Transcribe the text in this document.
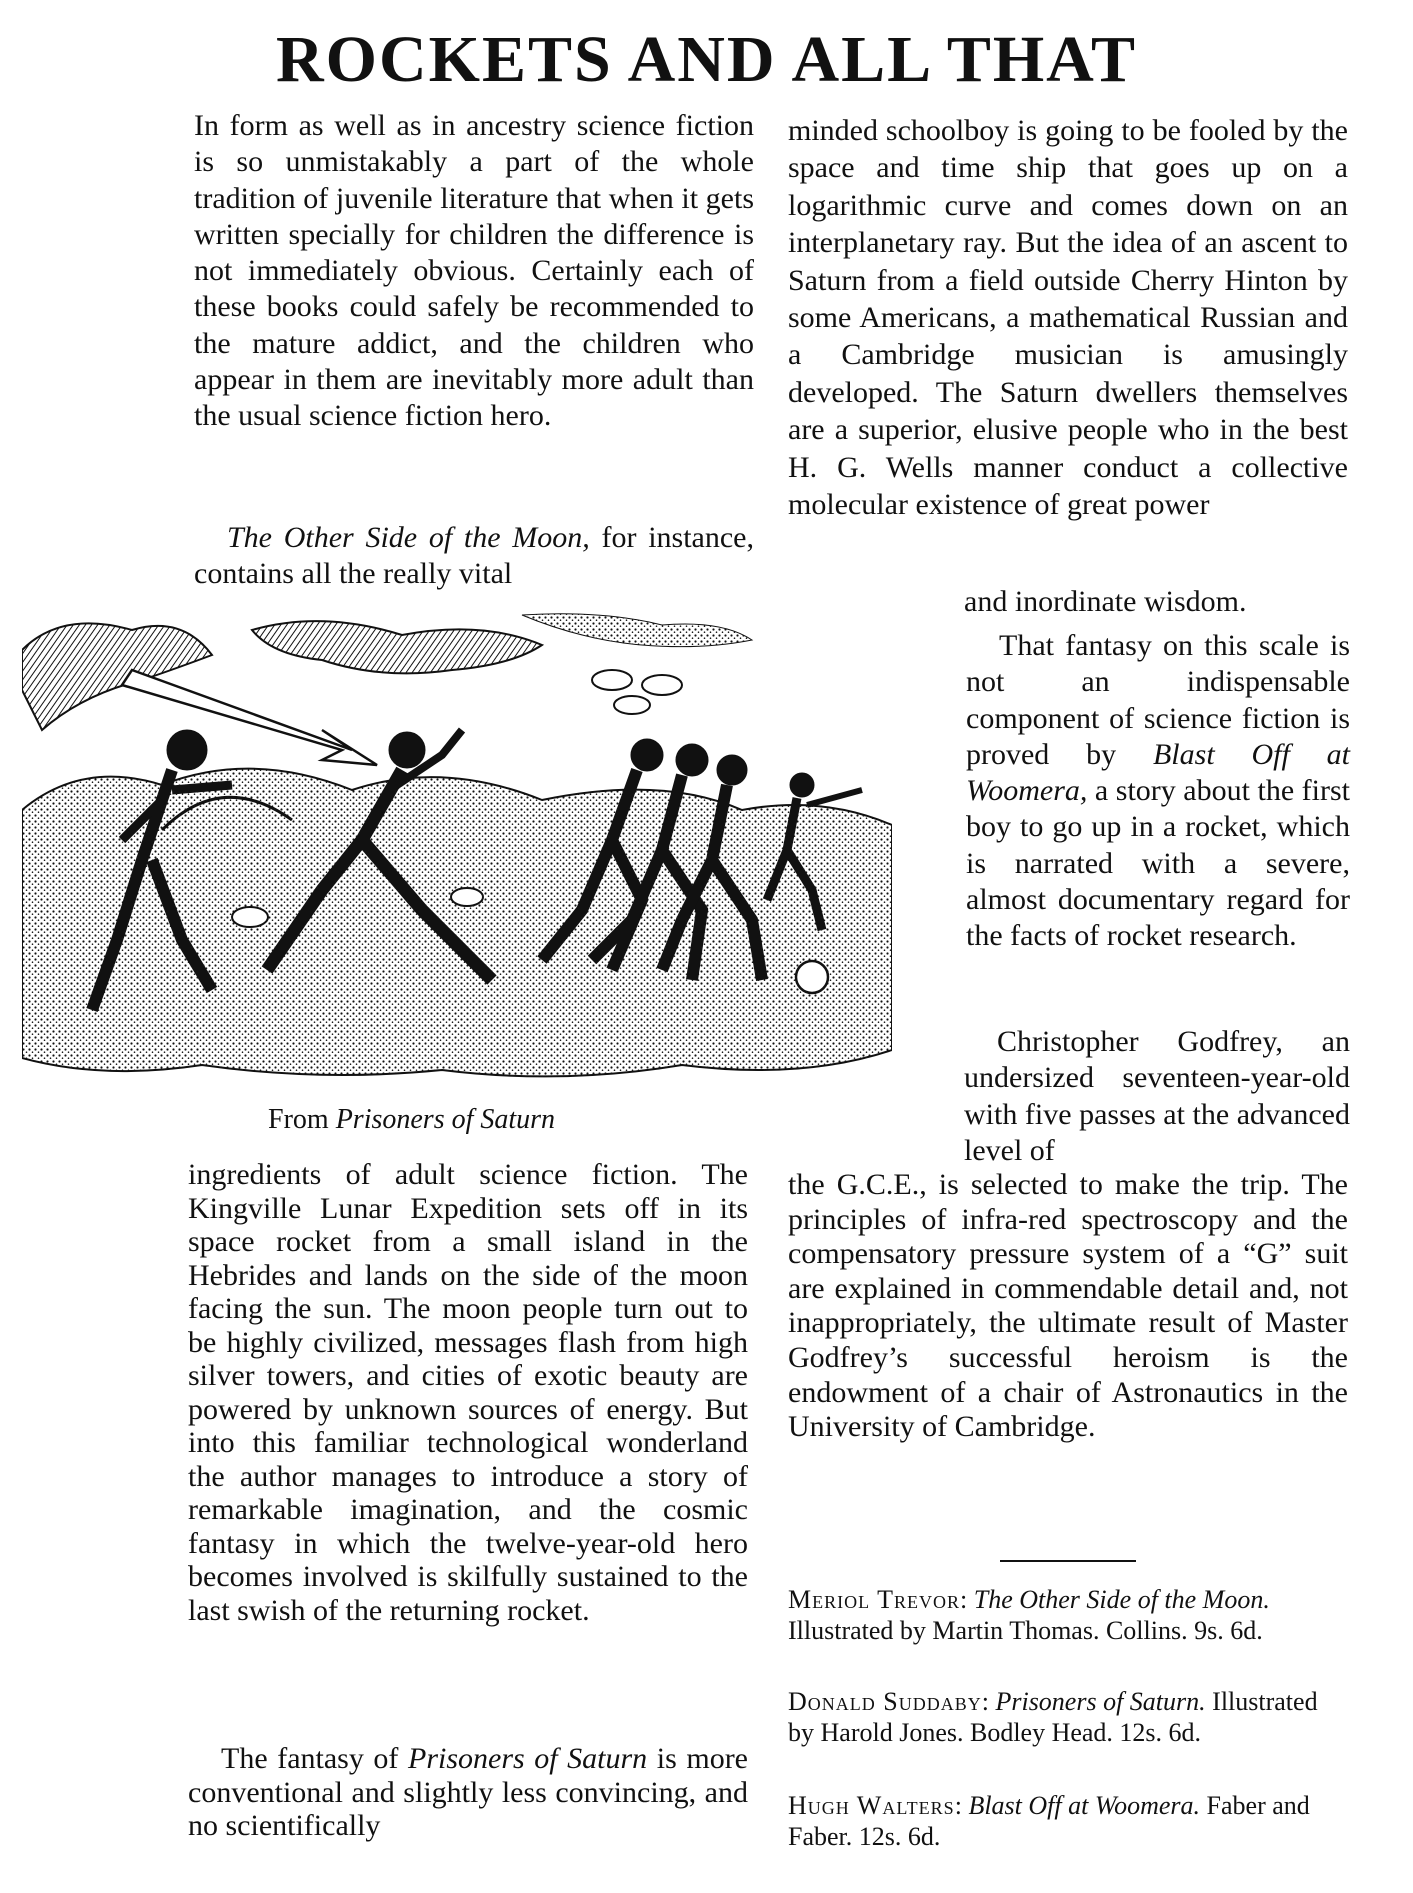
ROCKETS AND ALL THAT

In form as well as in ancestry science fiction is so unmistakably a part of the whole tradition of juvenile literature that when it gets written specially for children the difference is not immediately obvious. Certainly each of these books could safely be recommended to the mature addict, and the children who appear in them are inevitably more adult than the usual science fiction hero.

The Other Side of the Moon, for instance, contains all the really vital

From Prisoners of Saturn

ingredients of adult science fiction. The Kingville Lunar Expedition sets off in its space rocket from a small island in the Hebrides and lands on the side of the moon facing the sun. The moon people turn out to be highly civilized, messages flash from high silver towers, and cities of exotic beauty are powered by unknown sources of energy. But into this familiar technological wonderland the author manages to introduce a story of remarkable imagination, and the cosmic fantasy in which the twelve-year-old hero becomes involved is skilfully sustained to the last swish of the returning rocket.

The fantasy of Prisoners of Saturn is more conventional and slightly less convincing, and no scientifically

minded schoolboy is going to be fooled by the space and time ship that goes up on a logarithmic curve and comes down on an interplanetary ray. But the idea of an ascent to Saturn from a field outside Cherry Hinton by some Americans, a mathematical Russian and a Cambridge musician is amusingly developed. The Saturn dwellers themselves are a superior, elusive people who in the best H. G. Wells manner conduct a collective molecular existence of great power

and inordinate wisdom.

That fantasy on this scale is not an indispensable component of science fiction is proved by Blast Off at Woomera, a story about the first boy to go up in a rocket, which is narrated with a severe, almost documentary regard for the facts of rocket research.

Christopher Godfrey, an undersized seventeen-year-old with five passes at the advanced level of

the G.C.E., is selected to make the trip. The principles of infra-red spectroscopy and the compensatory pressure system of a “G” suit are explained in commendable detail and, not inappropriately, the ultimate result of Master Godfrey’s successful heroism is the endowment of a chair of Astronautics in the University of Cambridge.

Meriol Trevor: The Other Side of the Moon. Illustrated by Martin Thomas. Collins. 9s. 6d.

Donald Suddaby: Prisoners of Saturn. Illustrated by Harold Jones. Bodley Head. 12s. 6d.

Hugh Walters: Blast Off at Woomera. Faber and Faber. 12s. 6d.
